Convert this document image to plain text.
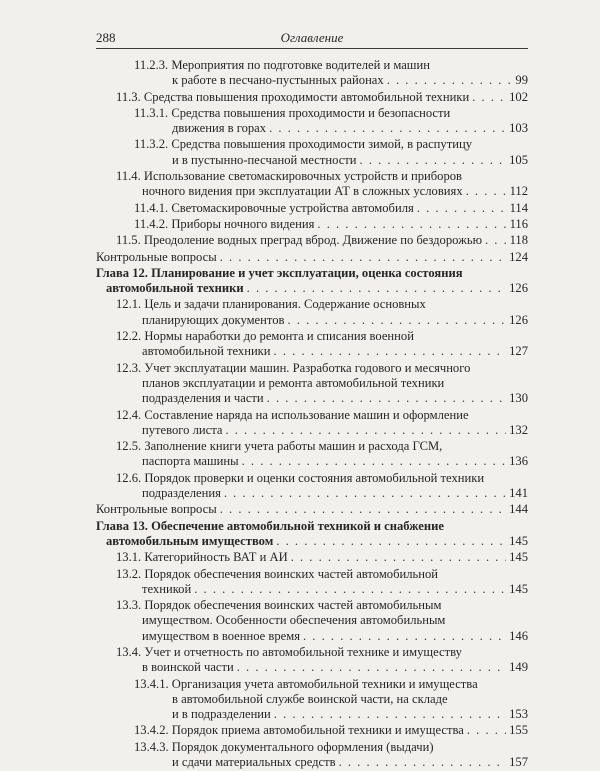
288	Оглавление
11.2.3. Мероприятия по подготовке водителей и машин
к работе в песчано-пустынных районах . . .	99
11.3. Средства повышения проходимости автомобильной техники . . .	102
11.3.1. Средства повышения проходимости и безопасности
движения в горах . . .	103
11.3.2. Средства повышения проходимости зимой, в распутицу
и в пустынно-песчаной местности . . .	105
11.4. Использование светомаскировочных устройств и приборов
ночного видения при эксплуатации АТ в сложных условиях . . .	112
11.4.1. Светомаскировочные устройства автомобиля . . .	114
11.4.2. Приборы ночного видения . . .	116
11.5. Преодоление водных преград вброд. Движение по бездорожью . . . 118
Контрольные вопросы . . .	124
Глава 12. Планирование и учет эксплуатации, оценка состояния
автомобильной техники . . .	126
12.1. Цель и задачи планирования. Содержание основных
планирующих документов . . .	126
12.2. Нормы наработки до ремонта и списания военной
автомобильной техники . . .	127
12.3. Учет эксплуатации машин. Разработка годового и месячного
планов эксплуатации и ремонта автомобильной техники
подразделения и части . . .	130
12.4. Составление наряда на использование машин и оформление
путевого листа . . .	132
12.5. Заполнение книги учета работы машин и расхода ГСМ,
паспорта машины . . .	136
12.6. Порядок проверки и оценки состояния автомобильной техники
подразделения . . .	141
Контрольные вопросы . . .	144
Глава 13. Обеспечение автомобильной техникой и снабжение
автомобильным имуществом . . .	145
13.1. Категорийность ВАТ и АИ . . .	145
13.2. Порядок обеспечения воинских частей автомобильной
техникой . . .	145
13.3. Порядок обеспечения воинских частей автомобильным
имуществом. Особенности обеспечения автомобильным
имуществом в военное время . . .	146
13.4. Учет и отчетность по автомобильной технике и имуществу
в воинской части . . .	149
13.4.1. Организация учета автомобильной техники и имущества
в автомобильной службе воинской части, на складе
и в подразделении . . .	153
13.4.2. Порядок приема автомобильной техники и имущества . . .	155
13.4.3. Порядок документального оформления (выдачи)
и сдачи материальных средств . . .	157
